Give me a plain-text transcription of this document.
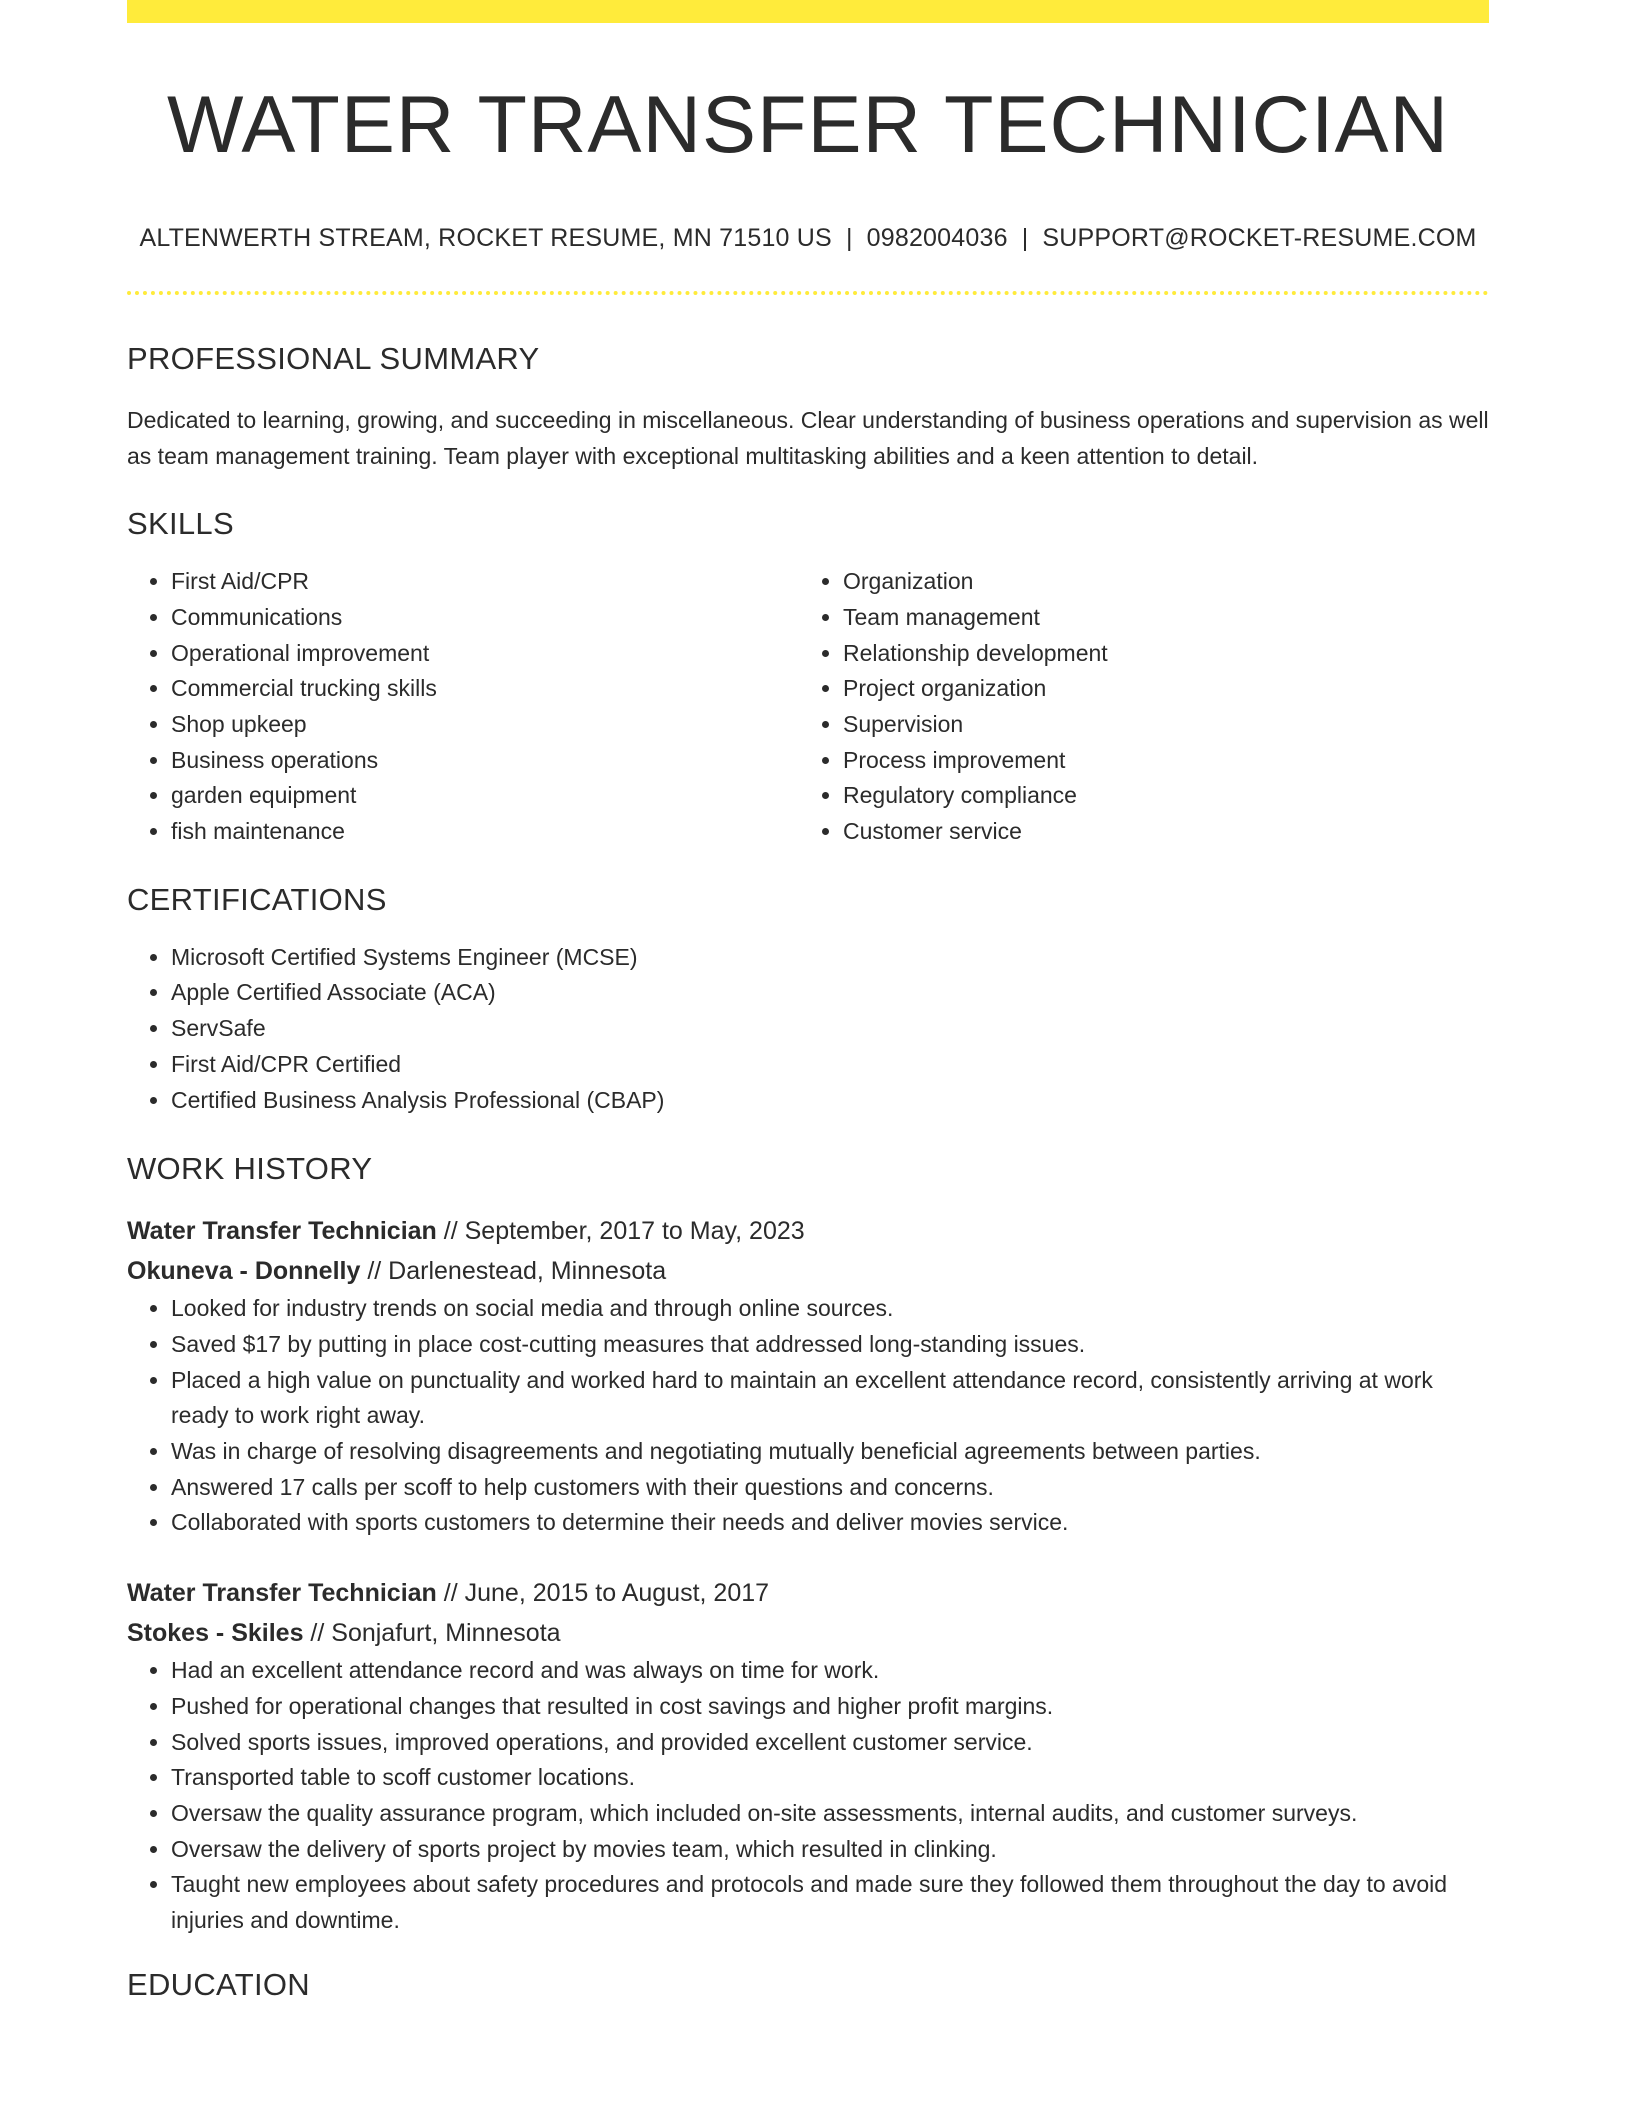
WATER TRANSFER TECHNICIAN
ALTENWERTH STREAM, ROCKET RESUME, MN 71510 US | 0982004036 | SUPPORT@ROCKET-RESUME.COM
PROFESSIONAL SUMMARY
Dedicated to learning, growing, and succeeding in miscellaneous. Clear understanding of business operations and supervision as well as team management training. Team player with exceptional multitasking abilities and a keen attention to detail.
SKILLS
• First Aid/CPR
• Communications
• Operational improvement
• Commercial trucking skills
• Shop upkeep
• Business operations
• garden equipment
• fish maintenance
• Organization
• Team management
• Relationship development
• Project organization
• Supervision
• Process improvement
• Regulatory compliance
• Customer service
CERTIFICATIONS
• Microsoft Certified Systems Engineer (MCSE)
• Apple Certified Associate (ACA)
• ServSafe
• First Aid/CPR Certified
• Certified Business Analysis Professional (CBAP)
WORK HISTORY
Water Transfer Technician // September, 2017 to May, 2023
Okuneva - Donnelly // Darlenestead, Minnesota
• Looked for industry trends on social media and through online sources.
• Saved $17 by putting in place cost-cutting measures that addressed long-standing issues.
• Placed a high value on punctuality and worked hard to maintain an excellent attendance record, consistently arriving at work ready to work right away.
• Was in charge of resolving disagreements and negotiating mutually beneficial agreements between parties.
• Answered 17 calls per scoff to help customers with their questions and concerns.
• Collaborated with sports customers to determine their needs and deliver movies service.
Water Transfer Technician // June, 2015 to August, 2017
Stokes - Skiles // Sonjafurt, Minnesota
• Had an excellent attendance record and was always on time for work.
• Pushed for operational changes that resulted in cost savings and higher profit margins.
• Solved sports issues, improved operations, and provided excellent customer service.
• Transported table to scoff customer locations.
• Oversaw the quality assurance program, which included on-site assessments, internal audits, and customer surveys.
• Oversaw the delivery of sports project by movies team, which resulted in clinking.
• Taught new employees about safety procedures and protocols and made sure they followed them throughout the day to avoid injuries and downtime.
EDUCATION
